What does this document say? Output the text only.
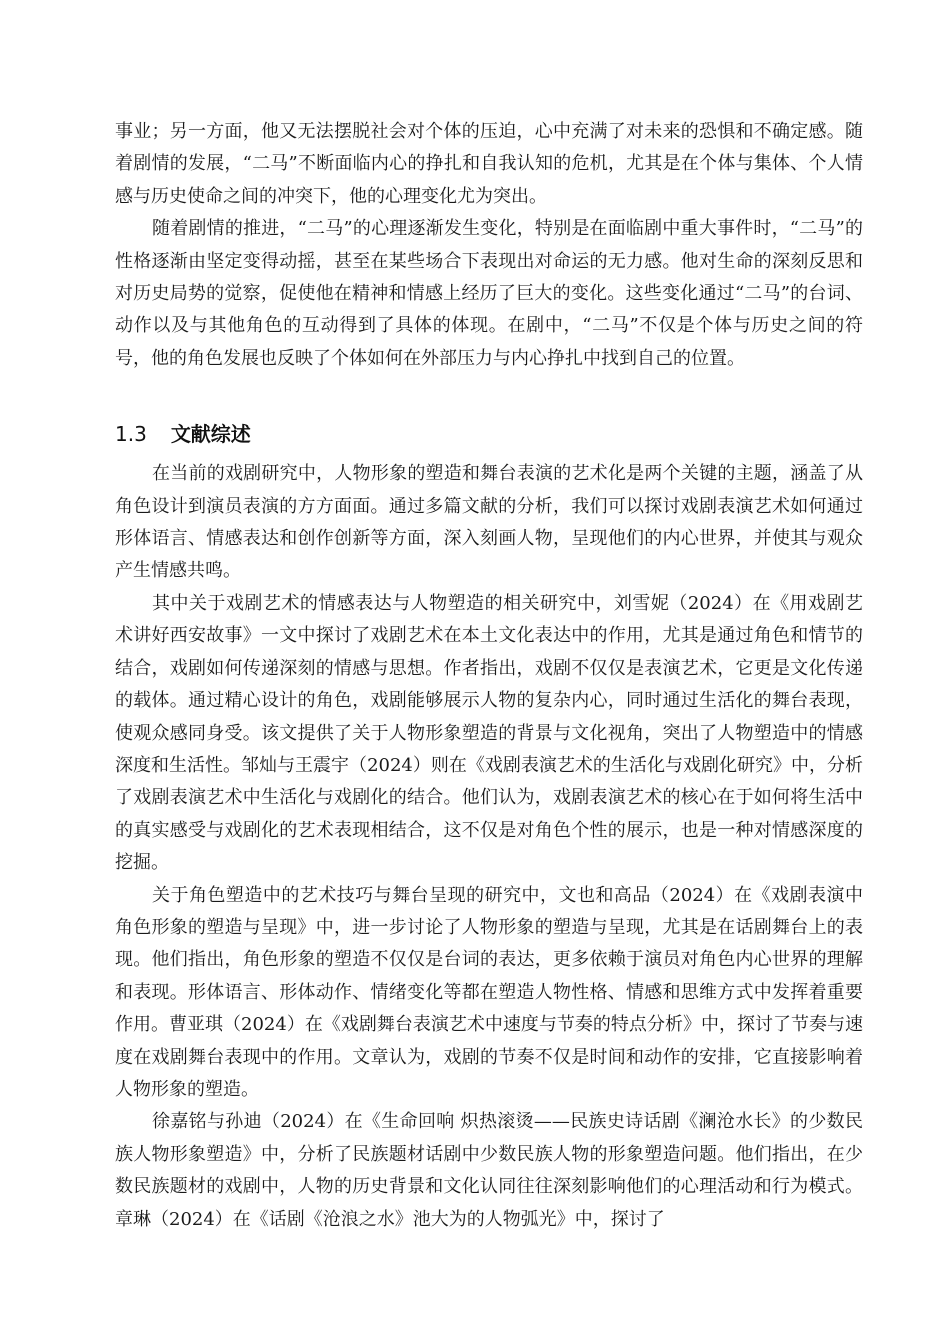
事业；另一方面，他又无法摆脱社会对个体的压迫，心中充满了对未来的恐惧和不确定感。随着剧情的发展，“二马”不断面临内心的挣扎和自我认知的危机，尤其是在个体与集体、个人情感与历史使命之间的冲突下，他的心理变化尤为突出。

随着剧情的推进，“二马”的心理逐渐发生变化，特别是在面临剧中重大事件时，“二马”的性格逐渐由坚定变得动摇，甚至在某些场合下表现出对命运的无力感。他对生命的深刻反思和对历史局势的觉察，促使他在精神和情感上经历了巨大的变化。这些变化通过“二马”的台词、动作以及与其他角色的互动得到了具体的体现。在剧中，“二马”不仅是个体与历史之间的符号，他的角色发展也反映了个体如何在外部压力与内心挣扎中找到自己的位置。

1.3 文献综述

在当前的戏剧研究中，人物形象的塑造和舞台表演的艺术化是两个关键的主题，涵盖了从角色设计到演员表演的方方面面。通过多篇文献的分析，我们可以探讨戏剧表演艺术如何通过形体语言、情感表达和创作创新等方面，深入刻画人物，呈现他们的内心世界，并使其与观众产生情感共鸣。

其中关于戏剧艺术的情感表达与人物塑造的相关研究中，刘雪妮（2024）在《用戏剧艺术讲好西安故事》一文中探讨了戏剧艺术在本土文化表达中的作用，尤其是通过角色和情节的结合，戏剧如何传递深刻的情感与思想。作者指出，戏剧不仅仅是表演艺术，它更是文化传递的载体。通过精心设计的角色，戏剧能够展示人物的复杂内心，同时通过生活化的舞台表现，使观众感同身受。该文提供了关于人物形象塑造的背景与文化视角，突出了人物塑造中的情感深度和生活性。邹灿与王震宇（2024）则在《戏剧表演艺术的生活化与戏剧化研究》中，分析了戏剧表演艺术中生活化与戏剧化的结合。他们认为，戏剧表演艺术的核心在于如何将生活中的真实感受与戏剧化的艺术表现相结合，这不仅是对角色个性的展示，也是一种对情感深度的挖掘。

关于角色塑造中的艺术技巧与舞台呈现的研究中，文也和高品（2024）在《戏剧表演中角色形象的塑造与呈现》中，进一步讨论了人物形象的塑造与呈现，尤其是在话剧舞台上的表现。他们指出，角色形象的塑造不仅仅是台词的表达，更多依赖于演员对角色内心世界的理解和表现。形体语言、形体动作、情绪变化等都在塑造人物性格、情感和思维方式中发挥着重要作用。曹亚琪（2024）在《戏剧舞台表演艺术中速度与节奏的特点分析》中，探讨了节奏与速度在戏剧舞台表现中的作用。文章认为，戏剧的节奏不仅是时间和动作的安排，它直接影响着人物形象的塑造。

徐嘉铭与孙迪（2024）在《生命回响 炽热滚烫——民族史诗话剧《澜沧水长》的少数民族人物形象塑造》中，分析了民族题材话剧中少数民族人物的形象塑造问题。他们指出，在少数民族题材的戏剧中，人物的历史背景和文化认同往往深刻影响他们的心理活动和行为模式。章琳（2024）在《话剧《沧浪之水》池大为的人物弧光》中，探讨了
